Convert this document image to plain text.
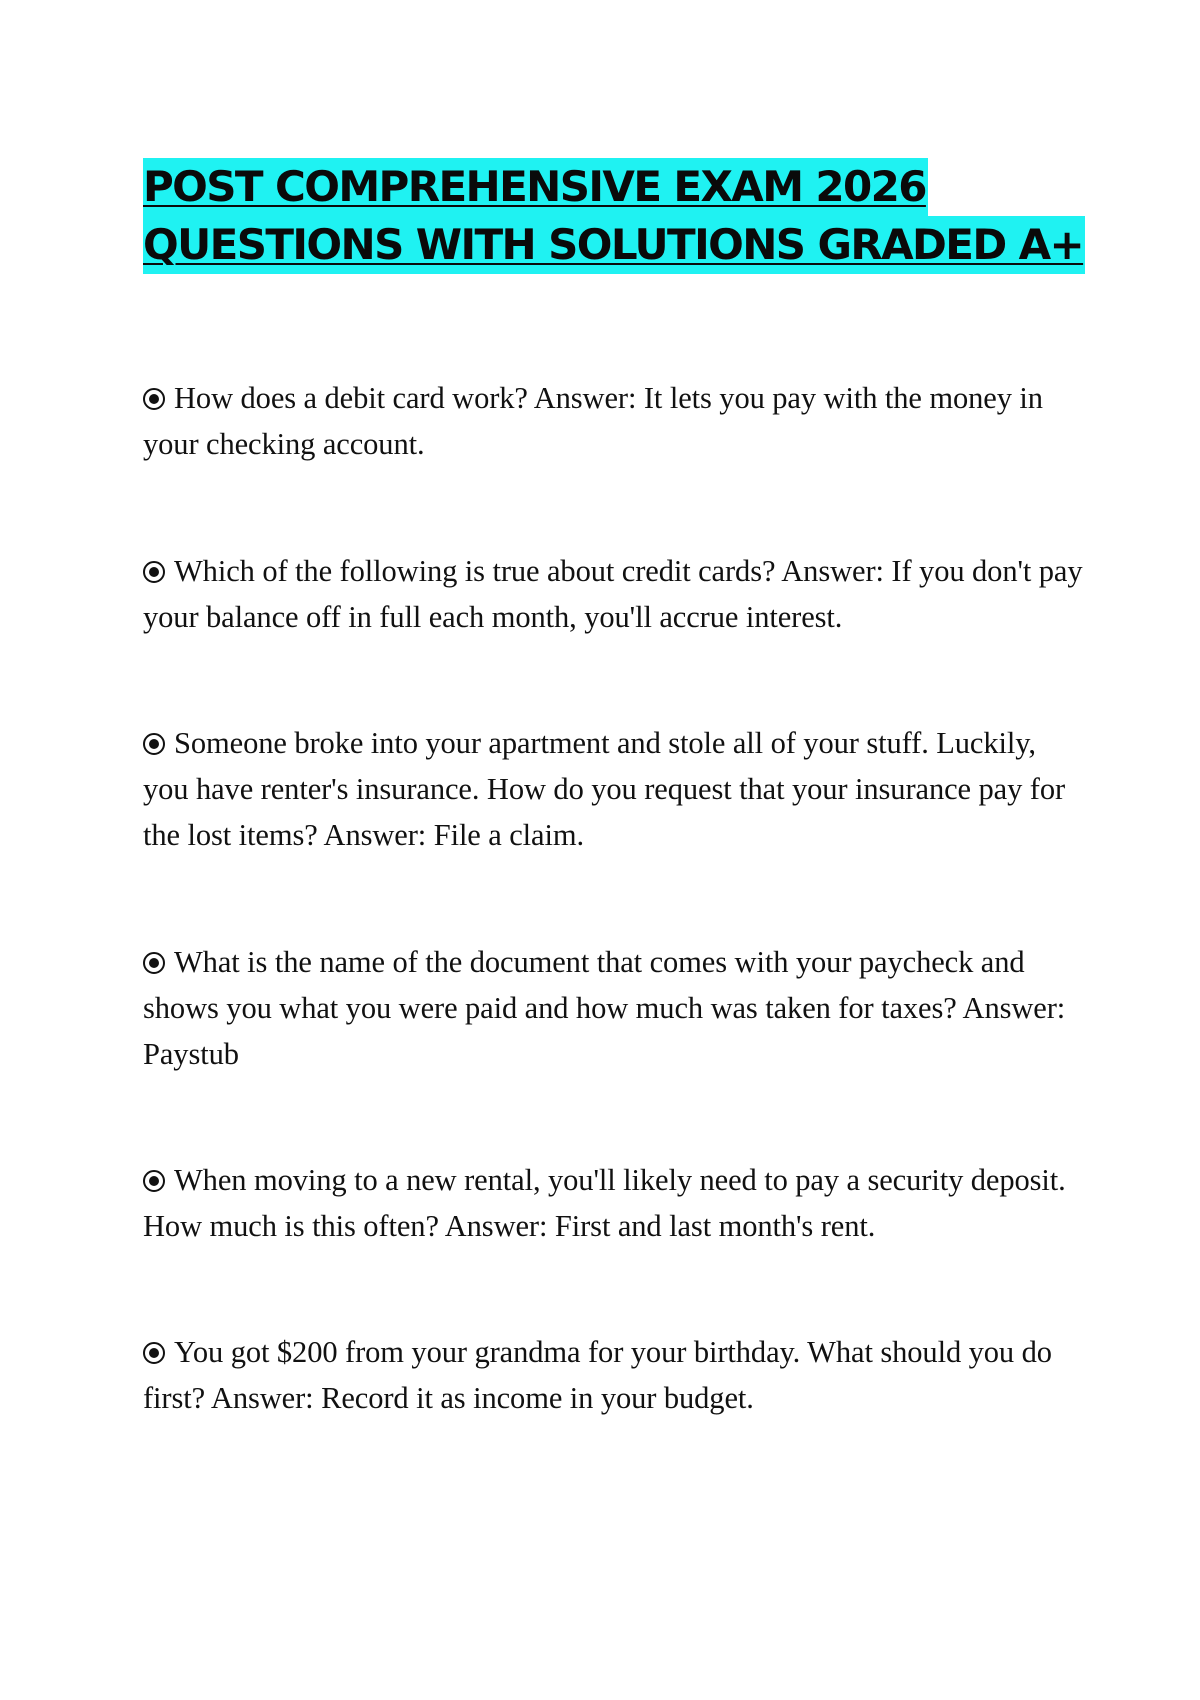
POST COMPREHENSIVE EXAM 2026
QUESTIONS WITH SOLUTIONS GRADED A+
How does a debit card work? Answer: It lets you pay with the money in your checking account.
Which of the following is true about credit cards? Answer: If you don't pay your balance off in full each month, you'll accrue interest.
Someone broke into your apartment and stole all of your stuff. Luckily, you have renter's insurance. How do you request that your insurance pay for the lost items? Answer: File a claim.
What is the name of the document that comes with your paycheck and shows you what you were paid and how much was taken for taxes? Answer: Paystub
When moving to a new rental, you'll likely need to pay a security deposit. How much is this often? Answer: First and last month's rent.
You got $200 from your grandma for your birthday. What should you do first? Answer: Record it as income in your budget.
